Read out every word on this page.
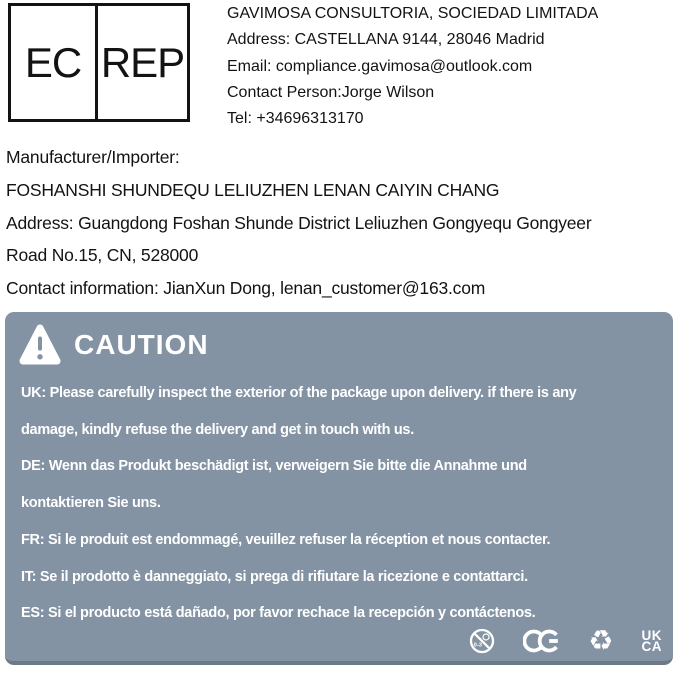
EC REP
GAVIMOSA CONSULTORIA, SOCIEDAD LIMITADA
Address: CASTELLANA 9144, 28046 Madrid
Email: compliance.gavimosa@outlook.com
Contact Person:Jorge Wilson
Tel: +34696313170
Manufacturer/Importer:
FOSHANSHI SHUNDEQU LELIUZHEN LENAN CAIYIN CHANG
Address: Guangdong Foshan Shunde District Leliuzhen Gongyequ Gongyeer
Road No.15, CN, 528000
Contact information: JianXun Dong, lenan_customer@163.com
CAUTION

UK: Please carefully inspect the exterior of the package upon delivery. if there is any

damage, kindly refuse the delivery and get in touch with us.

DE: Wenn das Produkt beschädigt ist, verweigern Sie bitte die Annahme und

kontaktieren Sie uns.

FR: Si le produit est endommagé, veuillez refuser la réception et nous contacter.

IT: Se il prodotto è danneggiato, si prega di rifiutare la ricezione e contattarci.

ES: Si el producto está dañado, por favor rechace la recepción y contáctenos.

0-3	♻ UK
CA
